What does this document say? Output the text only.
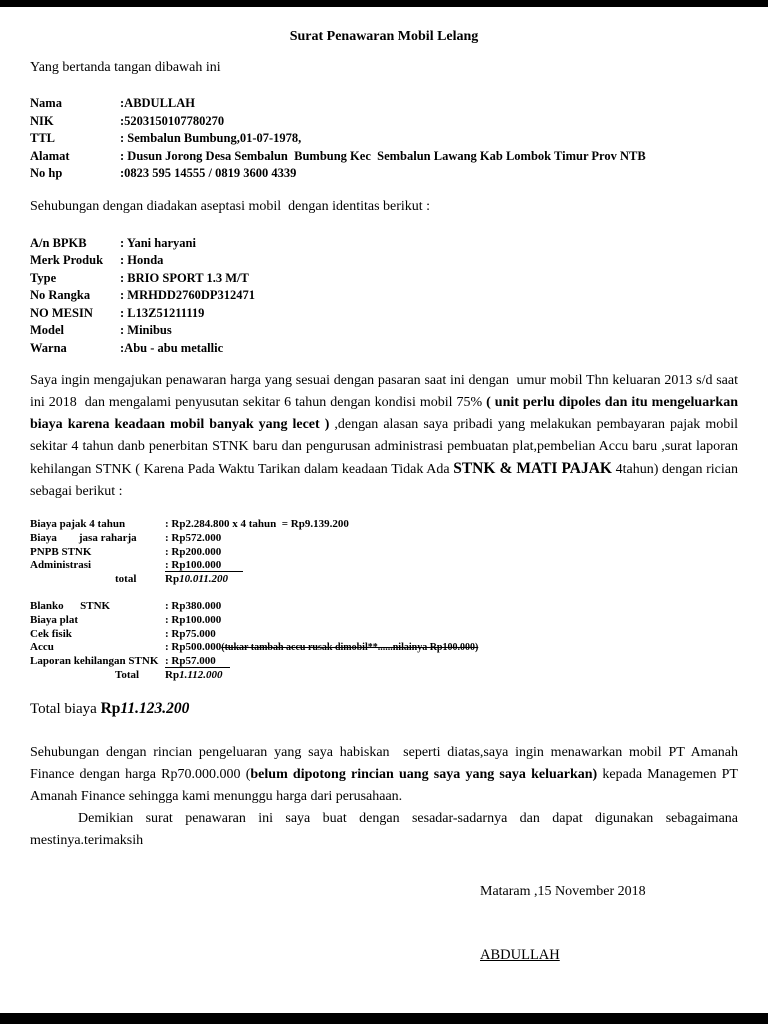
Surat Penawaran Mobil Lelang

Yang bertanda tangan dibawah ini

Nama	:ABDULLAH
NIK	:5203150107780270
TTL	: Sembalun Bumbung,01-07-1978,
Alamat	: Dusun Jorong Desa Sembalun  Bumbung Kec  Sembalun Lawang Kab Lombok Timur Prov NTB
No hp	:0823 595 14555 / 0819 3600 4339

Sehubungan dengan diadakan aseptasi mobil  dengan identitas berikut :

A/n BPKB	: Yani haryani
Merk Produk	: Honda
Type	: BRIO SPORT 1.3 M/T
No Rangka	: MRHDD2760DP312471
NO MESIN	: L13Z51211119
Model	: Minibus
Warna	:Abu - abu metallic

Saya ingin mengajukan penawaran harga yang sesuai dengan pasaran saat ini dengan  umur mobil Thn keluaran 2013 s/d saat ini 2018  dan mengalami penyusutan sekitar 6 tahun dengan kondisi mobil 75% ( unit perlu dipoles dan itu mengeluarkan biaya karena keadaan mobil banyak yang lecet ) ,dengan alasan saya pribadi yang melakukan pembayaran pajak mobil sekitar 4 tahun danb penerbitan STNK baru dan pengurusan administrasi pembuatan plat,pembelian Accu baru ,surat laporan kehilangan STNK ( Karena Pada Waktu Tarikan dalam keadaan Tidak Ada STNK & MATI PAJAK 4tahun) dengan rician sebagai berikut :

Biaya pajak 4 tahun	: Rp2.284.800 x 4 tahun  = Rp9.139.200
Biaya        jasa raharja	: Rp572.000
PNPB STNK	: Rp200.000
Administrasi	: Rp100.000
total	Rp10.011.200
Blanko      STNK	: Rp380.000
Biaya plat	: Rp100.000
Cek fisik	: Rp75.000
Accu	: Rp500.000(tukar tambah accu rusak dimobil**......nilainya Rp100.000)
Laporan kehilangan STNK : Rp57.000
Total	Rp1.112.000

Total biaya Rp11.123.200

Sehubungan dengan rincian pengeluaran yang saya habiskan  seperti diatas,saya ingin menawarkan mobil PT Amanah Finance dengan harga Rp70.000.000 (belum dipotong rincian uang saya yang saya keluarkan) kepada Managemen PT Amanah Finance sehingga kami menunggu harga dari perusahaan.

Demikian surat penawaran ini saya buat dengan sesadar-sadarnya dan dapat digunakan sebagaimana mestinya.terimaksih

Mataram ,15 November 2018

ABDULLAH
